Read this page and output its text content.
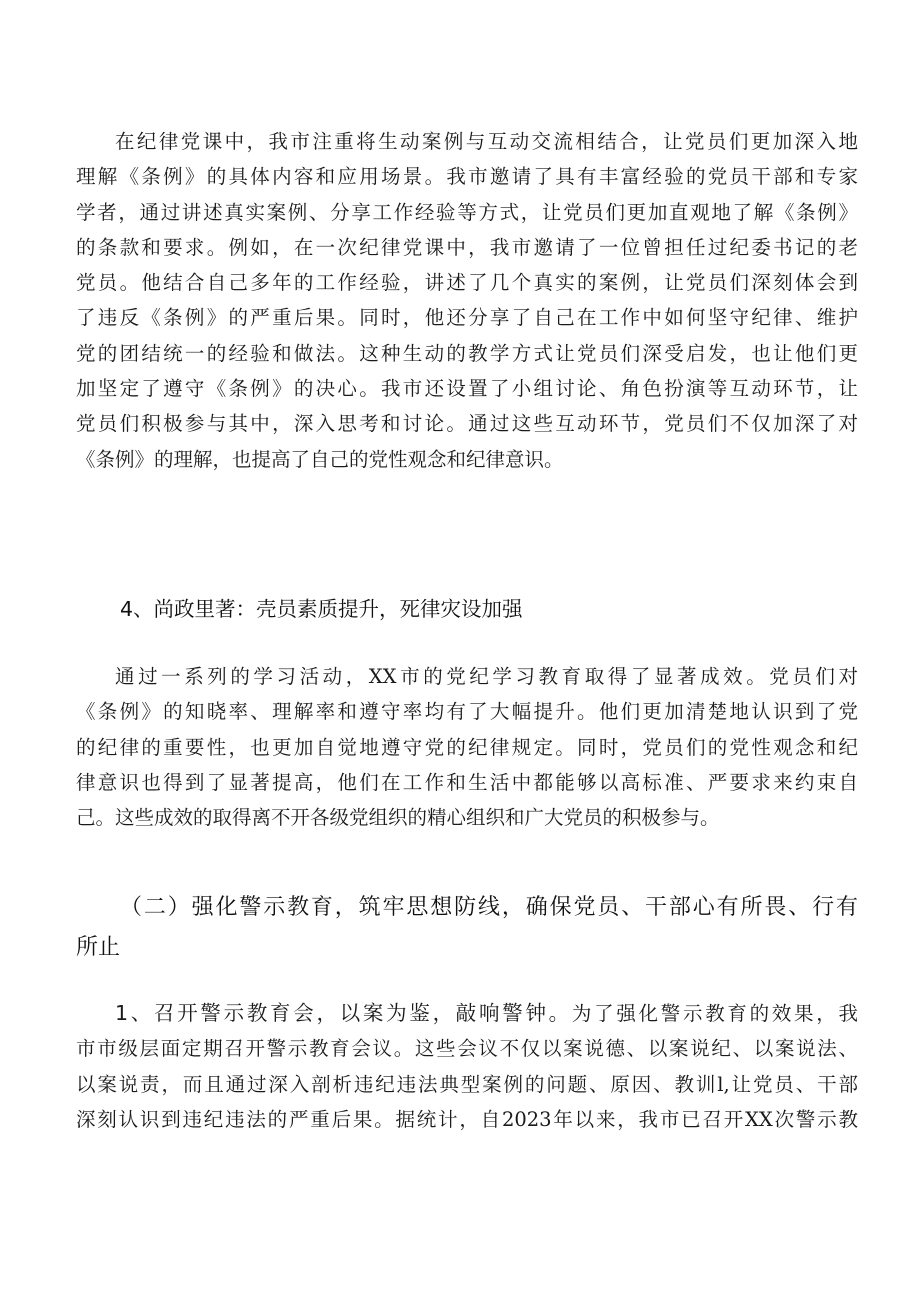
在纪律党课中，我市注重将生动案例与互动交流相结合，让党员们更加深入地
理解《条例》的具体内容和应用场景。我市邀请了具有丰富经验的党员干部和专家
学者，通过讲述真实案例、分享工作经验等方式，让党员们更加直观地了解《条例》
的条款和要求。例如，在一次纪律党课中，我市邀请了一位曾担任过纪委书记的老
党员。他结合自己多年的工作经验，讲述了几个真实的案例，让党员们深刻体会到
了违反《条例》的严重后果。同时，他还分享了自己在工作中如何坚守纪律、维护
党的团结统一的经验和做法。这种生动的教学方式让党员们深受启发，也让他们更
加坚定了遵守《条例》的决心。我市还设置了小组讨论、角色扮演等互动环节，让
党员们积极参与其中，深入思考和讨论。通过这些互动环节，党员们不仅加深了对
《条例》的理解，也提高了自己的党性观念和纪律意识。
4、尚政里著：壳员素质提升，死律灾设加强
通过一系列的学习活动，XX市的党纪学习教育取得了显著成效。党员们对
《条例》的知晓率、理解率和遵守率均有了大幅提升。他们更加清楚地认识到了党
的纪律的重要性，也更加自觉地遵守党的纪律规定。同时，党员们的党性观念和纪
律意识也得到了显著提高，他们在工作和生活中都能够以高标准、严要求来约束自
己。这些成效的取得离不开各级党组织的精心组织和广大党员的积极参与。
（二）强化警示教育，筑牢思想防线，确保党员、干部心有所畏、行有
所止
1、召开警示教育会，以案为鉴，敲响警钟。为了强化警示教育的效果，我
市市级层面定期召开警示教育会议。这些会议不仅以案说德、以案说纪、以案说法、
以案说责，而且通过深入剖析违纪违法典型案例的问题、原因、教训l,让党员、干部
深刻认识到违纪违法的严重后果。据统计，自2023年以来，我市已召开XX次警示教
